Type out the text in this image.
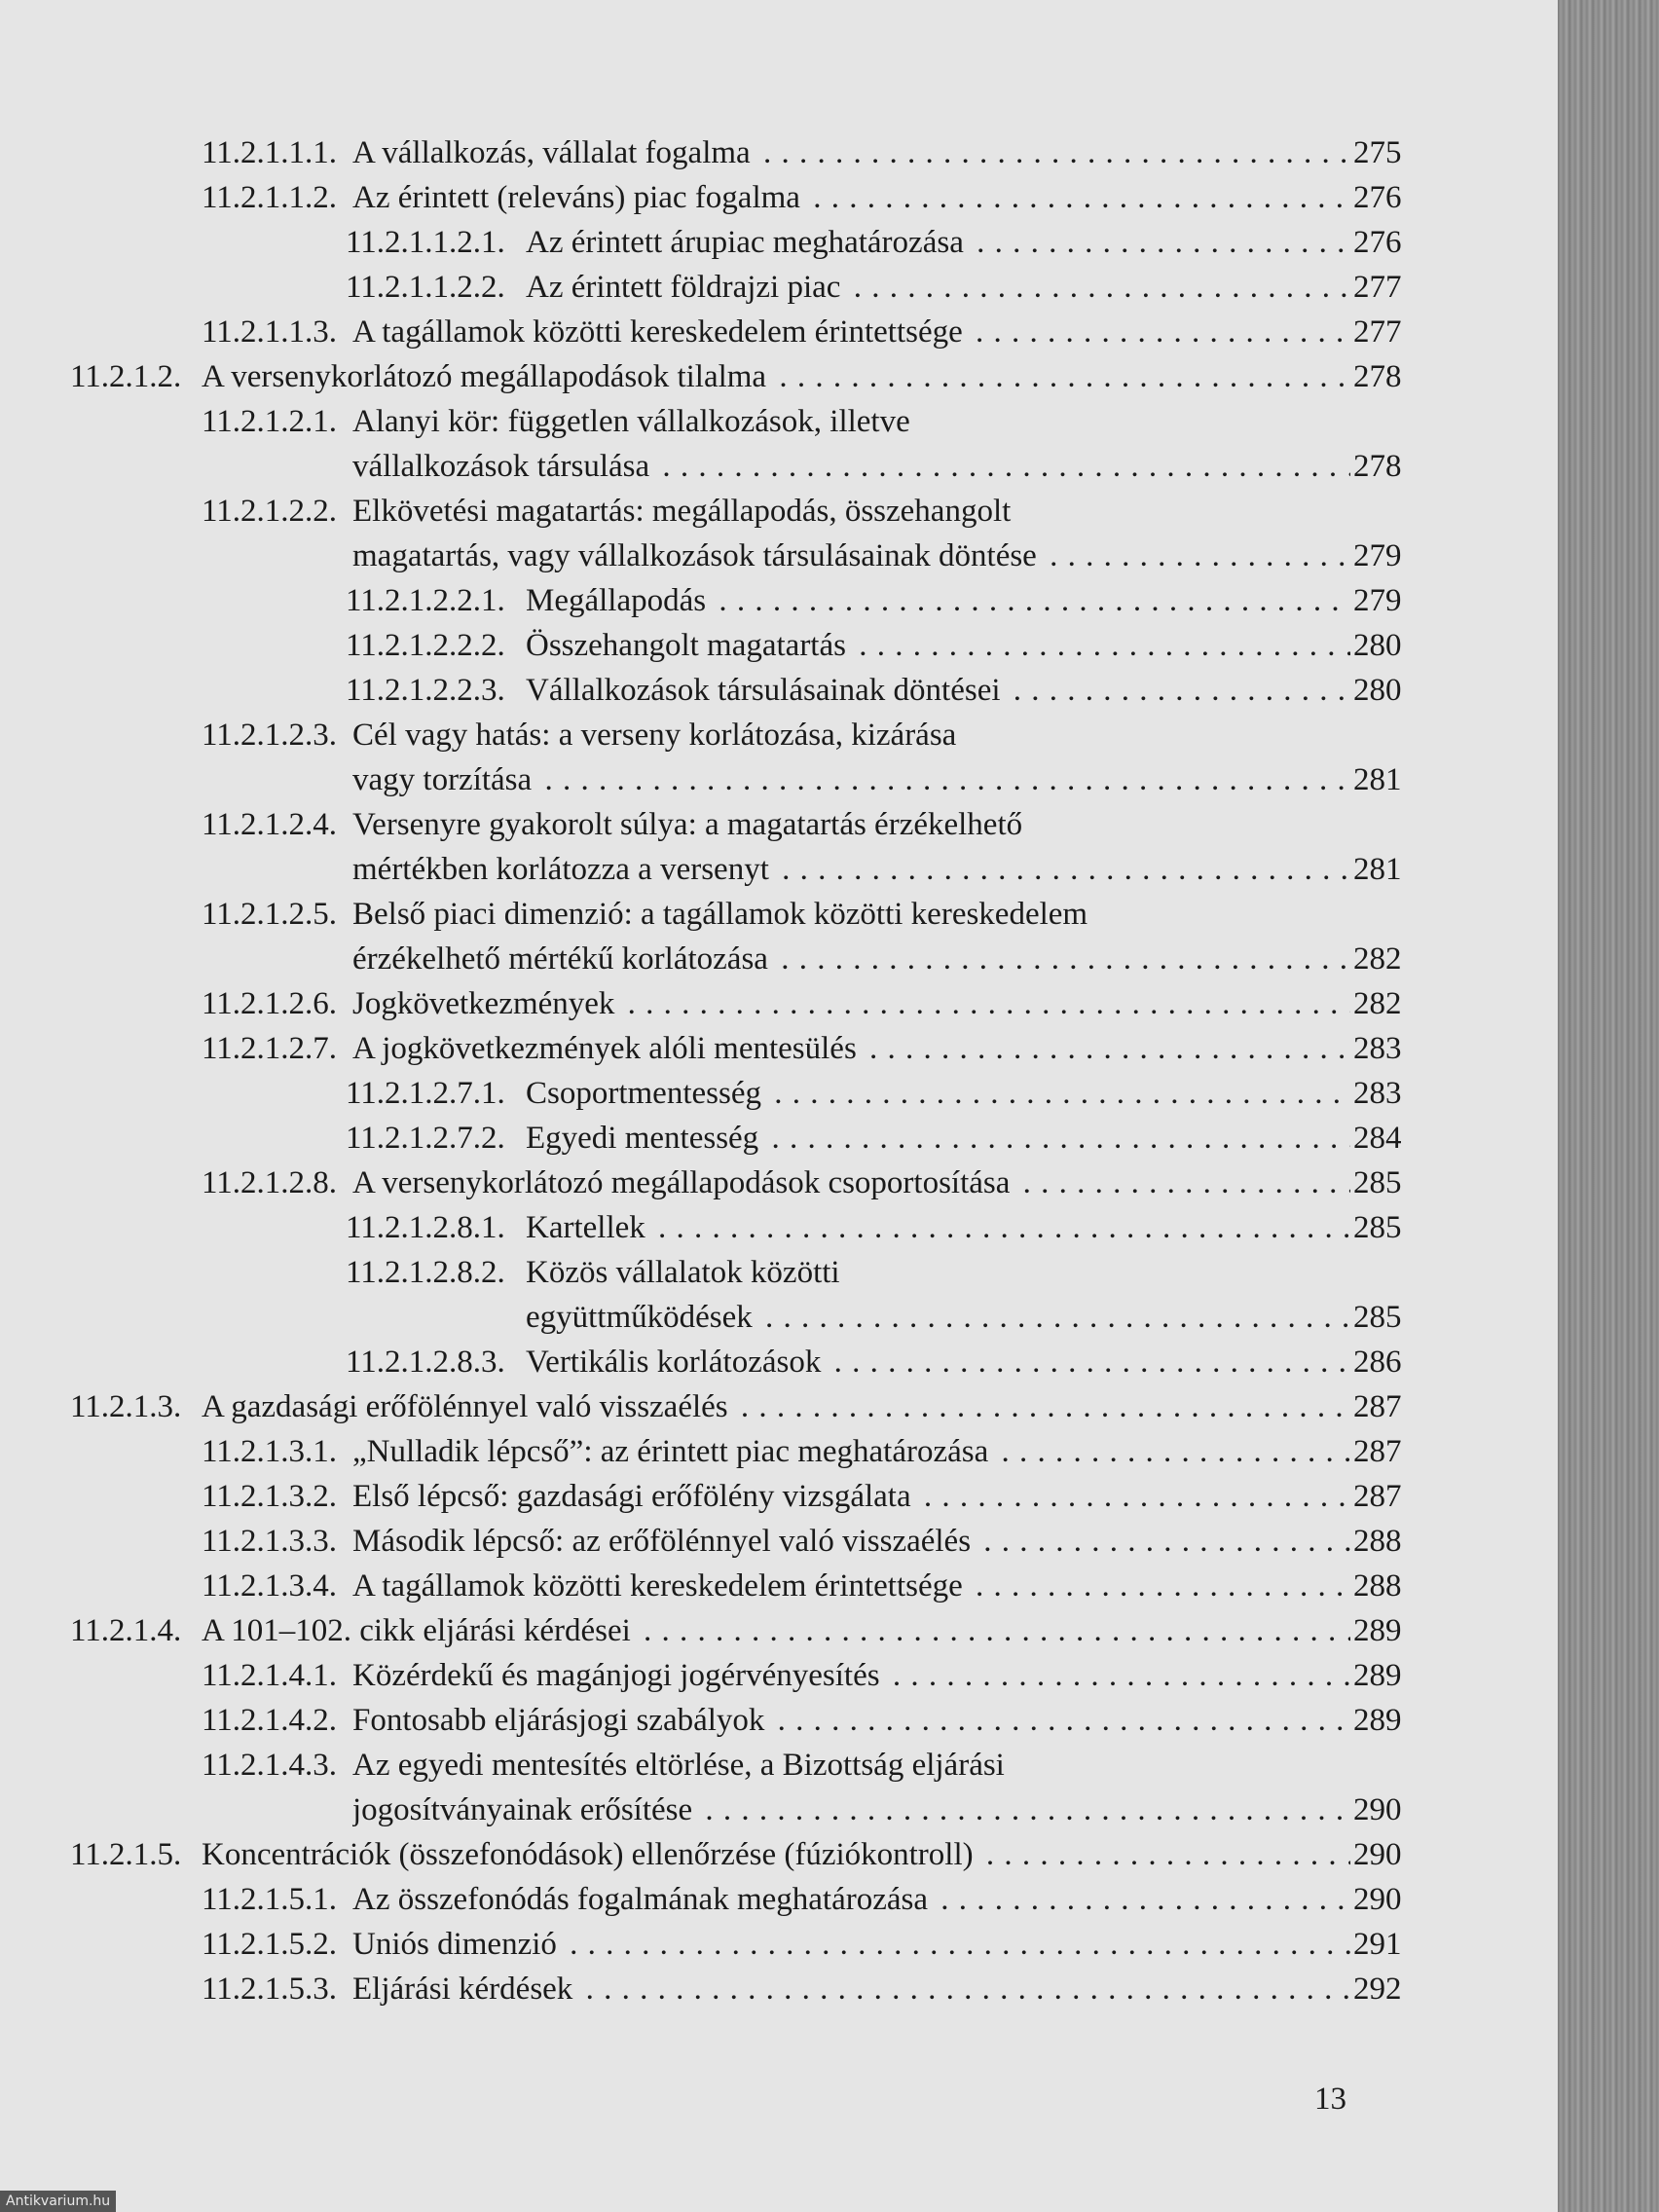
11.2.1.1.1. A vállalkozás, vállalat fogalma . . .	275
11.2.1.1.2. Az érintett (releváns) piac fogalma . . .	276
11.2.1.1.2.1. Az érintett árupiac meghatározása . . .	276
11.2.1.1.2.2. Az érintett földrajzi piac . . .	277
11.2.1.1.3. A tagállamok közötti kereskedelem érintettsége . . .	277
11.2.1.2. A versenykorlátozó megállapodások tilalma . . .	278
11.2.1.2.1. Alanyi kör: független vállalkozások, illetve
vállalkozások társulása . . .	278
11.2.1.2.2. Elkövetési magatartás: megállapodás, összehangolt
magatartás, vagy vállalkozások társulásainak döntése . . .	279
11.2.1.2.2.1. Megállapodás . . .	279
11.2.1.2.2.2. Összehangolt magatartás . . .	280
11.2.1.2.2.3. Vállalkozások társulásainak döntései . . .	280
11.2.1.2.3. Cél vagy hatás: a verseny korlátozása, kizárása
vagy torzítása . . .	281
11.2.1.2.4. Versenyre gyakorolt súlya: a magatartás érzékelhető
mértékben korlátozza a versenyt . . .	281
11.2.1.2.5. Belső piaci dimenzió: a tagállamok közötti kereskedelem
érzékelhető mértékű korlátozása . . .	282
11.2.1.2.6. Jogkövetkezmények . . .	282
11.2.1.2.7. A jogkövetkezmények alóli mentesülés . . .	283
11.2.1.2.7.1. Csoportmentesség . . .	283
11.2.1.2.7.2. Egyedi mentesség . . .	284
11.2.1.2.8. A versenykorlátozó megállapodások csoportosítása . . .	285
11.2.1.2.8.1. Kartellek . . .	285
11.2.1.2.8.2. Közös vállalatok közötti
együttműködések . . .	285
11.2.1.2.8.3. Vertikális korlátozások . . .	286
11.2.1.3. A gazdasági erőfölénnyel való visszaélés . . .	287
11.2.1.3.1. „Nulladik lépcső”: az érintett piac meghatározása . . .	287
11.2.1.3.2. Első lépcső: gazdasági erőfölény vizsgálata . . .	287
11.2.1.3.3. Második lépcső: az erőfölénnyel való visszaélés . . .	288
11.2.1.3.4. A tagállamok közötti kereskedelem érintettsége . . .	288
11.2.1.4. A 101–102. cikk eljárási kérdései . . .	289
11.2.1.4.1. Közérdekű és magánjogi jogérvényesítés . . .	289
11.2.1.4.2. Fontosabb eljárásjogi szabályok . . .	289
11.2.1.4.3. Az egyedi mentesítés eltörlése, a Bizottság eljárási
jogosítványainak erősítése . . .	290
11.2.1.5. Koncentrációk (összefonódások) ellenőrzése (fúziókontroll) . . .	290
11.2.1.5.1. Az összefonódás fogalmának meghatározása . . .	290
11.2.1.5.2. Uniós dimenzió . . .	291
11.2.1.5.3. Eljárási kérdések . . .	292
13
Antikvarium.hu
